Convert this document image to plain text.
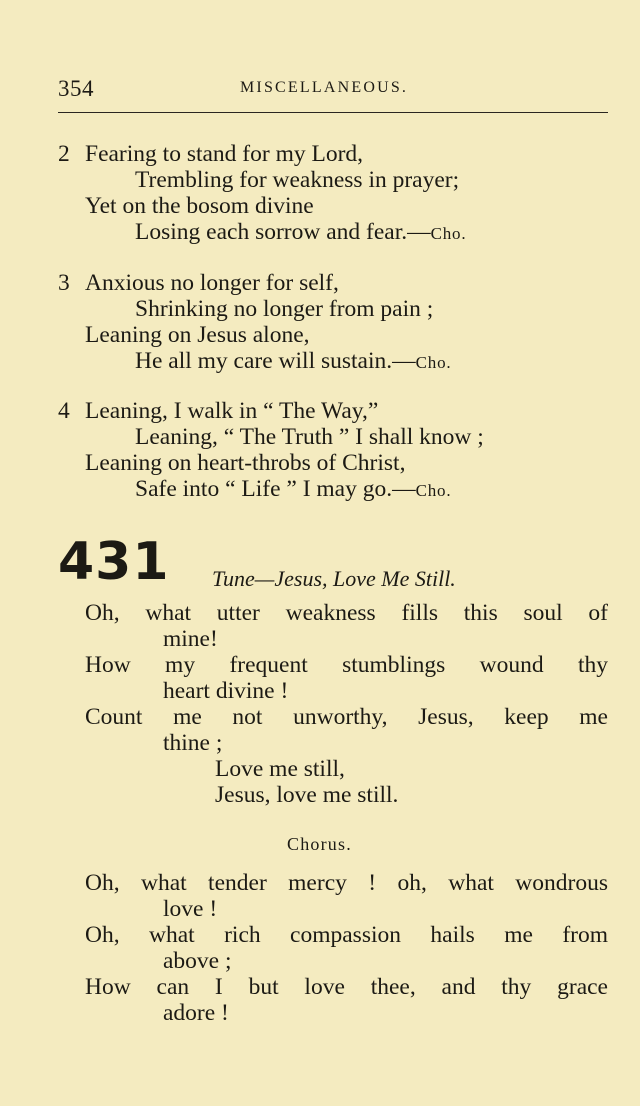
354	MISCELLANEOUS.
2 Fearing to stand for my Lord,
Trembling for weakness in prayer;
Yet on the bosom divine
Losing each sorrow and fear.—Cho.
3 Anxious no longer for self,
Shrinking no longer from pain ;
Leaning on Jesus alone,
He all my care will sustain.—Cho.
4 Leaning, I walk in “ The Way,”
Leaning, “ The Truth ” I shall know ;
Leaning on heart-throbs of Christ,
Safe into “ Life ” I may go.—Cho.
431 Tune—Jesus, Love Me Still.
Oh, what utter weakness fills this soul of
mine!
How my frequent stumblings wound thy
heart divine !
Count me not unworthy, Jesus, keep me
thine ;
Love me still,
Jesus, love me still.
Chorus.
Oh, what tender mercy ! oh, what wondrous
love !
Oh, what rich compassion hails me from
above ;
How can I but love thee, and thy grace
adore !
